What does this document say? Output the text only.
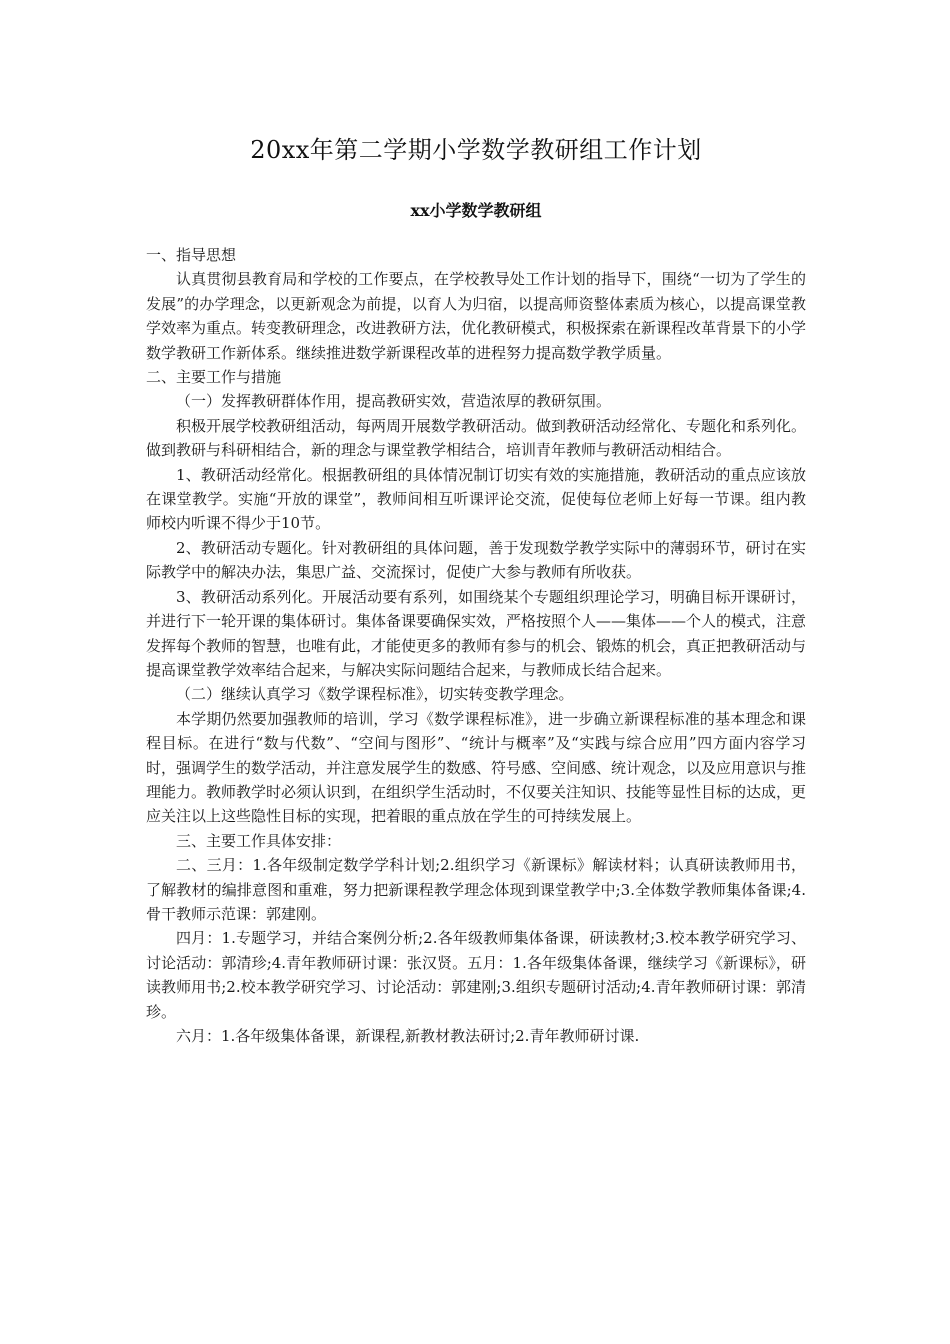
20xx年第二学期小学数学教研组工作计划
xx小学数学教研组

一、指导思想

认真贯彻县教育局和学校的工作要点，在学校教导处工作计划的指导下，围绕“一切为了学生的发展”的办学理念，以更新观念为前提，以育人为归宿，以提高师资整体素质为核心，以提高课堂教学效率为重点。转变教研理念，改进教研方法，优化教研模式，积极探索在新课程改革背景下的小学数学教研工作新体系。继续推进数学新课程改革的进程努力提高数学教学质量。

二、主要工作与措施

（一）发挥教研群体作用，提高教研实效，营造浓厚的教研氛围。

积极开展学校教研组活动，每两周开展数学教研活动。做到教研活动经常化、专题化和系列化。做到教研与科研相结合，新的理念与课堂教学相结合，培训青年教师与教研活动相结合。

1、教研活动经常化。根据教研组的具体情况制订切实有效的实施措施，教研活动的重点应该放在课堂教学。实施“开放的课堂”，教师间相互听课评论交流，促使每位老师上好每一节课。组内教师校内听课不得少于10节。

2、教研活动专题化。针对教研组的具体问题，善于发现数学教学实际中的薄弱环节，研讨在实际教学中的解决办法，集思广益、交流探讨，促使广大参与教师有所收获。

3、教研活动系列化。开展活动要有系列，如围绕某个专题组织理论学习，明确目标开课研讨，并进行下一轮开课的集体研讨。集体备课要确保实效，严格按照个人——集体——个人的模式，注意发挥每个教师的智慧，也唯有此，才能使更多的教师有参与的机会、锻炼的机会，真正把教研活动与提高课堂教学效率结合起来，与解决实际问题结合起来，与教师成长结合起来。

（二）继续认真学习《数学课程标准》，切实转变教学理念。

本学期仍然要加强教师的培训，学习《数学课程标准》，进一步确立新课程标准的基本理念和课程目标。在进行“数与代数”、“空间与图形”、“统计与概率”及“实践与综合应用”四方面内容学习时，强调学生的数学活动，并注意发展学生的数感、符号感、空间感、统计观念，以及应用意识与推理能力。教师教学时必须认识到，在组织学生活动时，不仅要关注知识、技能等显性目标的达成，更应关注以上这些隐性目标的实现，把着眼的重点放在学生的可持续发展上。

三、主要工作具体安排：

二、三月：1.各年级制定数学学科计划;2.组织学习《新课标》解读材料；认真研读教师用书，了解教材的编排意图和重难，努力把新课程教学理念体现到课堂教学中;3.全体数学教师集体备课;4. 骨干教师示范课：郭建刚。

四月：1.专题学习，并结合案例分析;2.各年级教师集体备课，研读教材;3.校本教学研究学习、讨论活动：郭清珍;4.青年教师研讨课：张汉贤。五月：1.各年级集体备课，继续学习《新课标》，研读教师用书;2.校本教学研究学习、讨论活动：郭建刚;3.组织专题研讨活动;4.青年教师研讨课：郭清珍。

六月：1.各年级集体备课，新课程,新教材教法研讨;2.青年教师研讨课.
